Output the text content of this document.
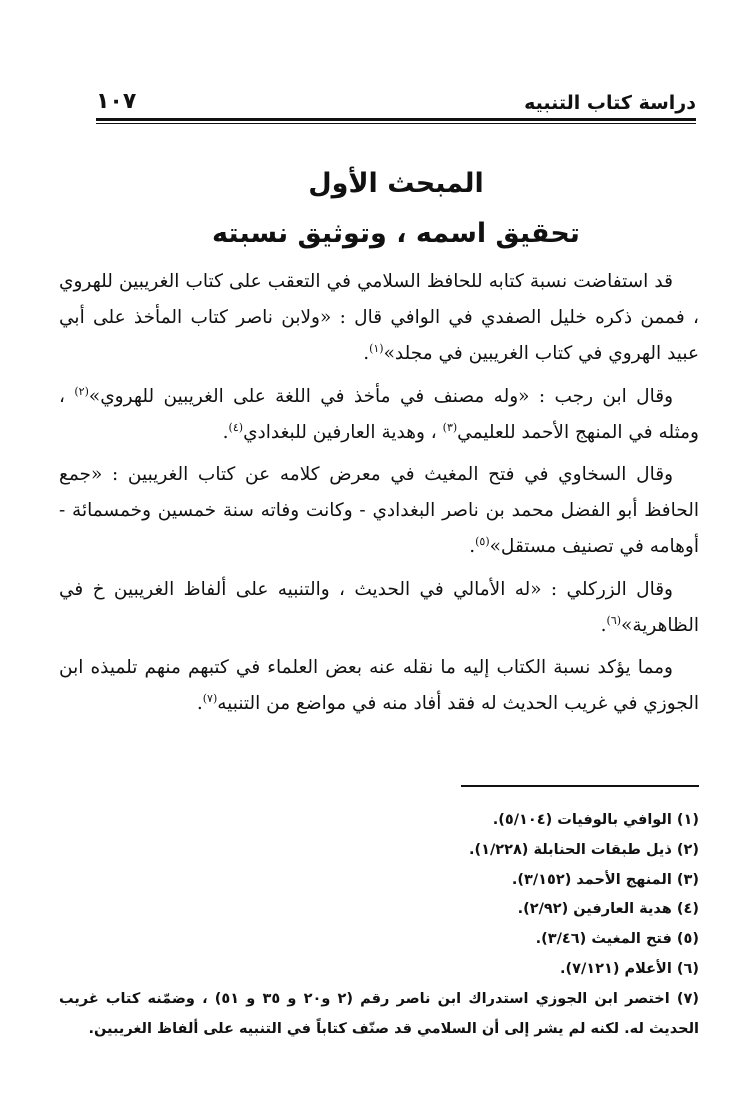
دراسة كتاب التنبيه
١٠٧
المبحث الأول
تحقيق اسمه ، وتوثيق نسبته

قد استفاضت نسبة كتابه للحافظ السلامي في التعقب على كتاب الغريبين للهروي ، فممن ذكره خليل الصفدي في الوافي قال : «ولابن ناصر كتاب المأخذ على أبي عبيد الهروي في كتاب الغريبين في مجلد»$^{(١)}$.

وقال ابن رجب : «وله مصنف في مأخذ في اللغة على الغريبين للهروي»$^{(٢)}$ ، ومثله في المنهج الأحمد للعليمي$^{(٣)}$ ، وهدية العارفين للبغدادي$^{(٤)}$.

وقال السخاوي في فتح المغيث في معرض كلامه عن كتاب الغريبين : «جمع الحافظ أبو الفضل محمد بن ناصر البغدادي - وكانت وفاته سنة خمسين وخمسمائة - أوهامه في تصنيف مستقل»$^{(٥)}$.

وقال الزركلي : «له الأمالي في الحديث ، والتنبيه على ألفاظ الغريبين خ في الظاهرية»$^{(٦)}$.

ومما يؤكد نسبة الكتاب إليه ما نقله عنه بعض العلماء في كتبهم منهم تلميذه ابن الجوزي في غريب الحديث له فقد أفاد منه في مواضع من التنبيه$^{(٧)}$.

(١) الوافي بالوفيات (٥/١٠٤).

(٢) ذيل طبقات الحنابلة (١/٢٢٨).

(٣) المنهج الأحمد (٣/١٥٢).

(٤) هدية العارفين (٢/٩٢).

(٥) فتح المغيث (٣/٤٦).

(٦) الأعلام (٧/١٢١).

(٧) اختصر ابن الجوزي استدراك ابن ناصر رقم (٢ و٢٠ و ٣٥ و ٥١) ، وضمّنه كتاب غريب الحديث له. لكنه لم يشر إلى أن السلامي قد صنّف كتاباً في التنبيه على ألفاظ الغريبين.
